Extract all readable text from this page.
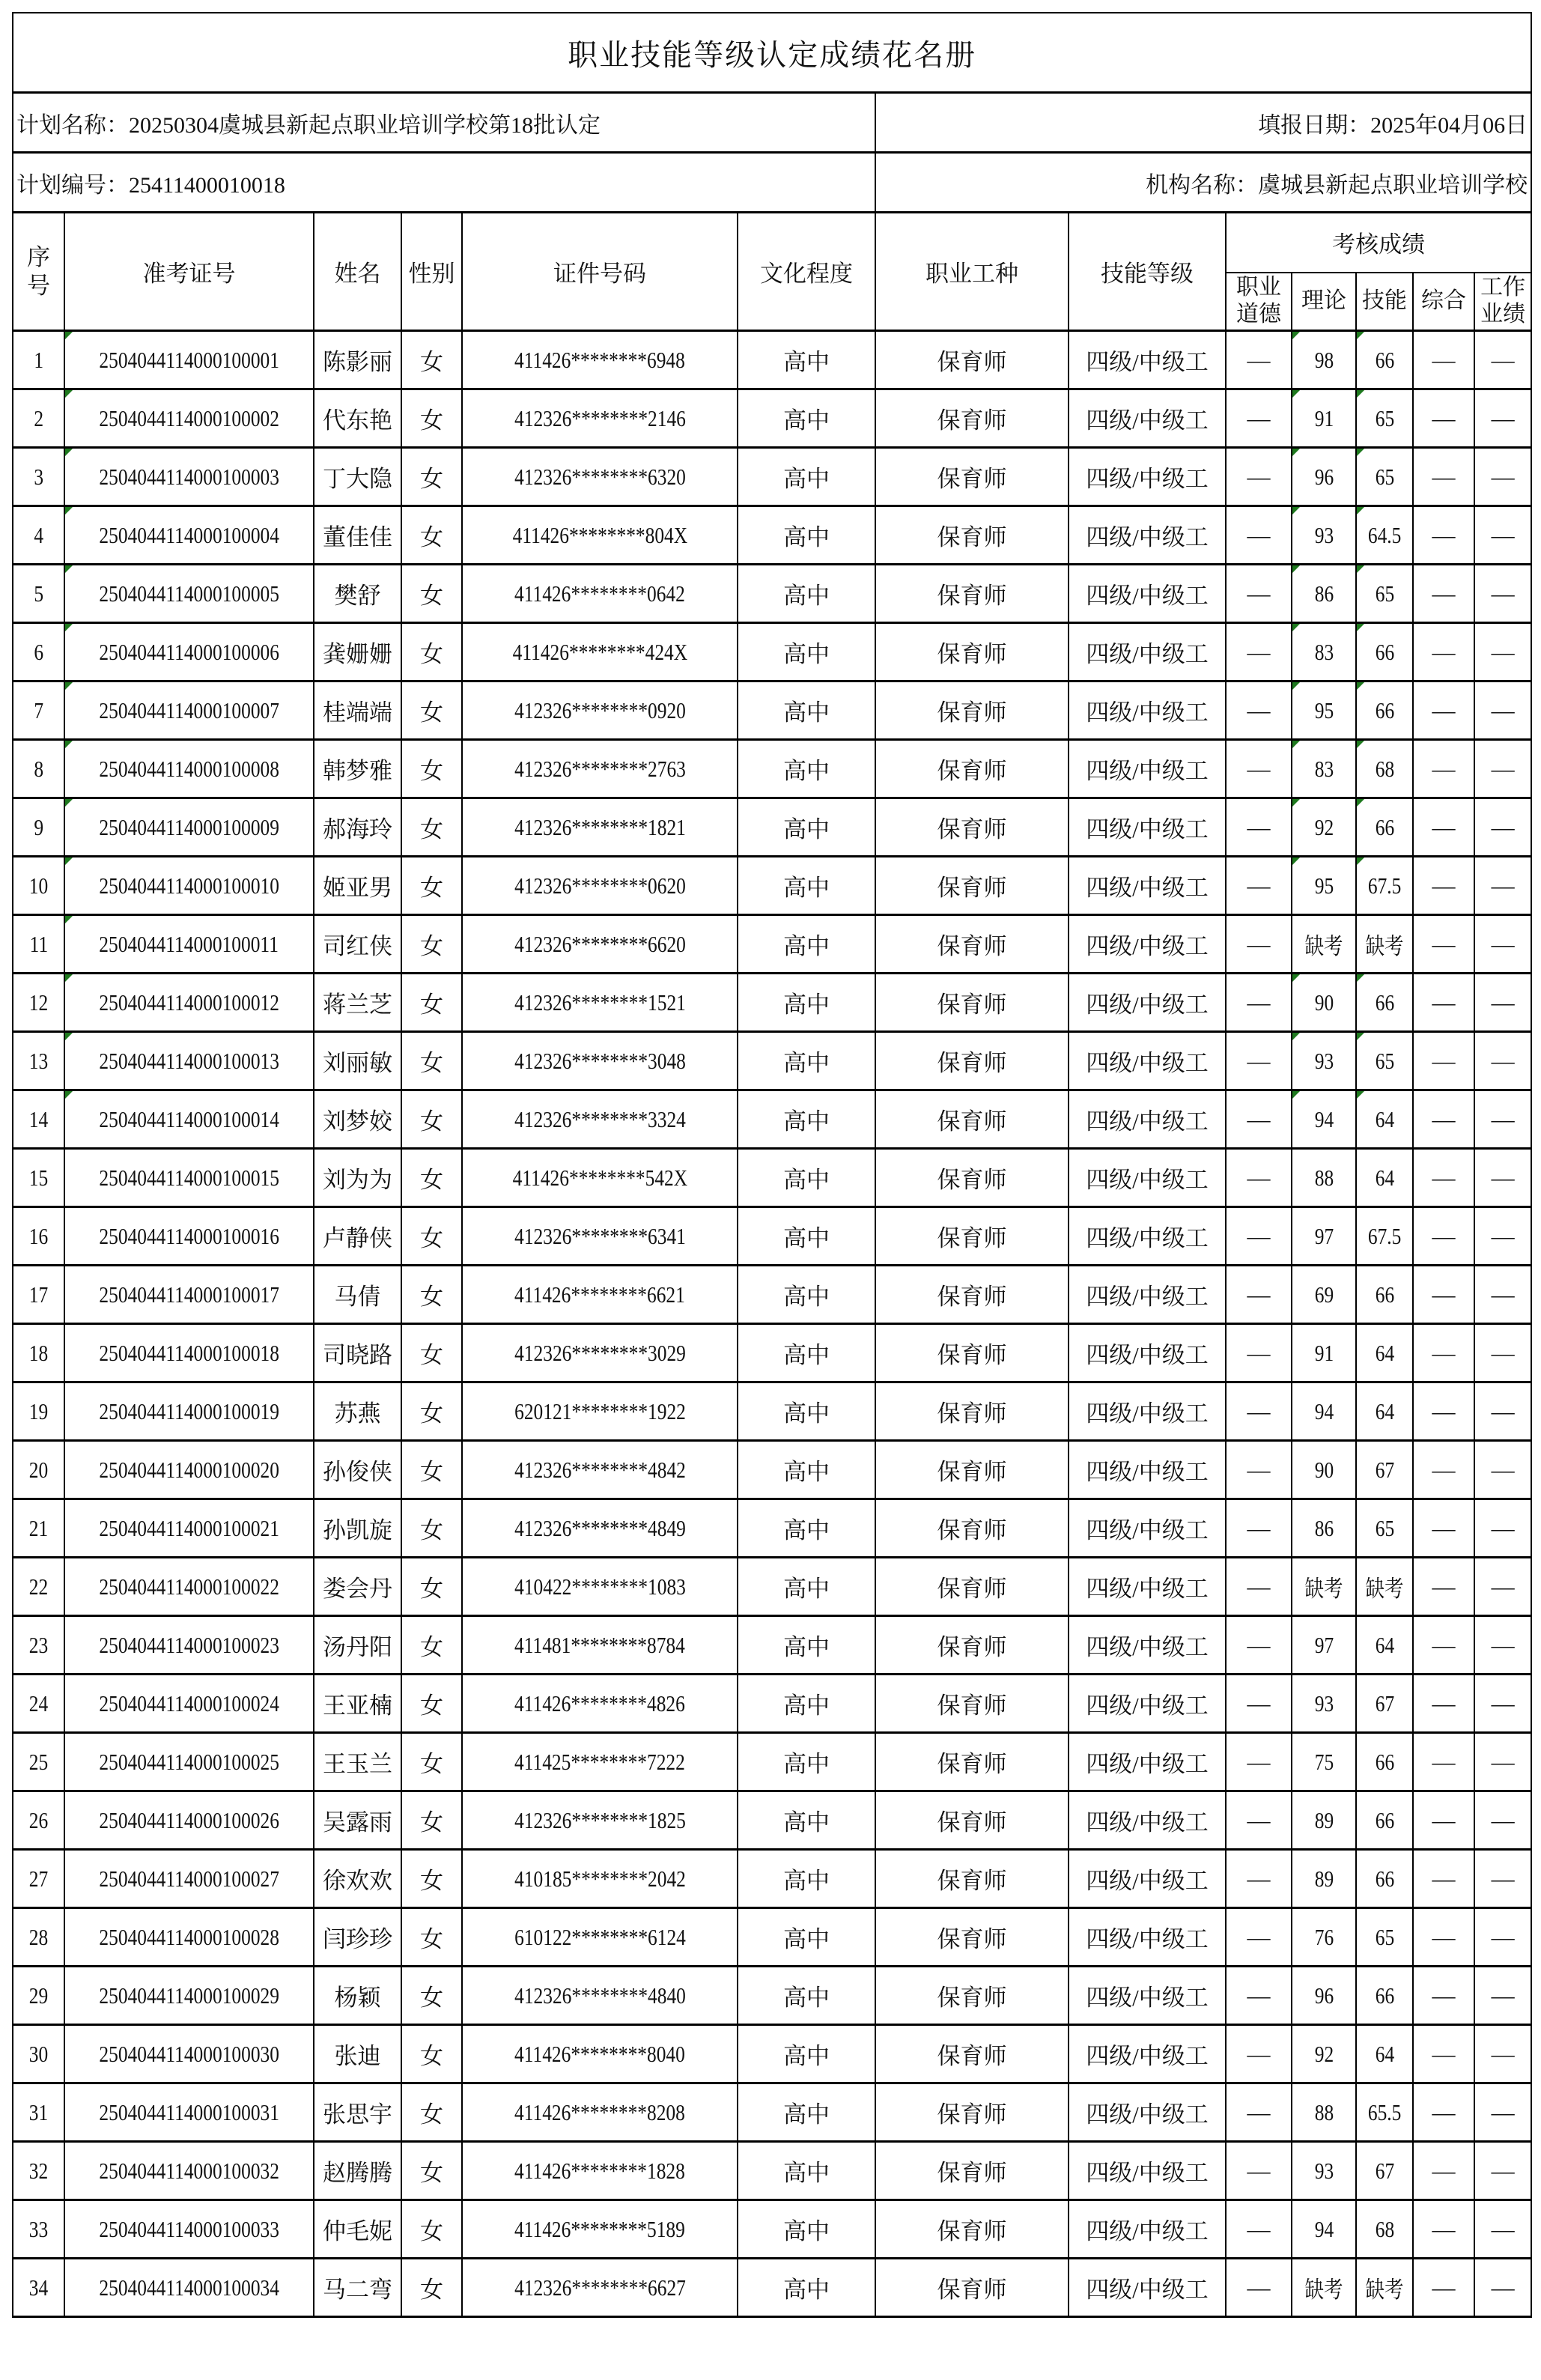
职业技能等级认定成绩花名册												
计划名称：20250304虞城县新起点职业培训学校第18批认定						填报日期：2025年04月06日						
计划编号：25411400010018						机构名称：虞城县新起点职业培训学校						
序号	准考证号	姓名	性别	证件号码	文化程度	职业工种	技能等级	考核成绩				
								职业道德	理论	技能	综合	工作业绩
1	2504044114000100001	陈影丽	女	411426********6948	高中	保育师	四级/中级工	—	98	66	—	—
2	2504044114000100002	代东艳	女	412326********2146	高中	保育师	四级/中级工	—	91	65	—	—
3	2504044114000100003	丁大隐	女	412326********6320	高中	保育师	四级/中级工	—	96	65	—	—
4	2504044114000100004	董佳佳	女	411426********804X	高中	保育师	四级/中级工	—	93	64.5	—	—
5	2504044114000100005	樊舒	女	411426********0642	高中	保育师	四级/中级工	—	86	65	—	—
6	2504044114000100006	龚姗姗	女	411426********424X	高中	保育师	四级/中级工	—	83	66	—	—
7	2504044114000100007	桂端端	女	412326********0920	高中	保育师	四级/中级工	—	95	66	—	—
8	2504044114000100008	韩梦雅	女	412326********2763	高中	保育师	四级/中级工	—	83	68	—	—
9	2504044114000100009	郝海玲	女	412326********1821	高中	保育师	四级/中级工	—	92	66	—	—
10	2504044114000100010	姬亚男	女	412326********0620	高中	保育师	四级/中级工	—	95	67.5	—	—
11	2504044114000100011	司红侠	女	412326********6620	高中	保育师	四级/中级工	—	缺考	缺考	—	—
12	2504044114000100012	蒋兰芝	女	412326********1521	高中	保育师	四级/中级工	—	90	66	—	—
13	2504044114000100013	刘丽敏	女	412326********3048	高中	保育师	四级/中级工	—	93	65	—	—
14	2504044114000100014	刘梦姣	女	412326********3324	高中	保育师	四级/中级工	—	94	64	—	—
15	2504044114000100015	刘为为	女	411426********542X	高中	保育师	四级/中级工	—	88	64	—	—
16	2504044114000100016	卢静侠	女	412326********6341	高中	保育师	四级/中级工	—	97	67.5	—	—
17	2504044114000100017	马倩	女	411426********6621	高中	保育师	四级/中级工	—	69	66	—	—
18	2504044114000100018	司晓路	女	412326********3029	高中	保育师	四级/中级工	—	91	64	—	—
19	2504044114000100019	苏燕	女	620121********1922	高中	保育师	四级/中级工	—	94	64	—	—
20	2504044114000100020	孙俊侠	女	412326********4842	高中	保育师	四级/中级工	—	90	67	—	—
21	2504044114000100021	孙凯旋	女	412326********4849	高中	保育师	四级/中级工	—	86	65	—	—
22	2504044114000100022	娄会丹	女	410422********1083	高中	保育师	四级/中级工	—	缺考	缺考	—	—
23	2504044114000100023	汤丹阳	女	411481********8784	高中	保育师	四级/中级工	—	97	64	—	—
24	2504044114000100024	王亚楠	女	411426********4826	高中	保育师	四级/中级工	—	93	67	—	—
25	2504044114000100025	王玉兰	女	411425********7222	高中	保育师	四级/中级工	—	75	66	—	—
26	2504044114000100026	吴露雨	女	412326********1825	高中	保育师	四级/中级工	—	89	66	—	—
27	2504044114000100027	徐欢欢	女	410185********2042	高中	保育师	四级/中级工	—	89	66	—	—
28	2504044114000100028	闫珍珍	女	610122********6124	高中	保育师	四级/中级工	—	76	65	—	—
29	2504044114000100029	杨颖	女	412326********4840	高中	保育师	四级/中级工	—	96	66	—	—
30	2504044114000100030	张迪	女	411426********8040	高中	保育师	四级/中级工	—	92	64	—	—
31	2504044114000100031	张思宇	女	411426********8208	高中	保育师	四级/中级工	—	88	65.5	—	—
32	2504044114000100032	赵腾腾	女	411426********1828	高中	保育师	四级/中级工	—	93	67	—	—
33	2504044114000100033	仲毛妮	女	411426********5189	高中	保育师	四级/中级工	—	94	68	—	—
34	2504044114000100034	马二弯	女	412326********6627	高中	保育师	四级/中级工	—	缺考	缺考	—	—
